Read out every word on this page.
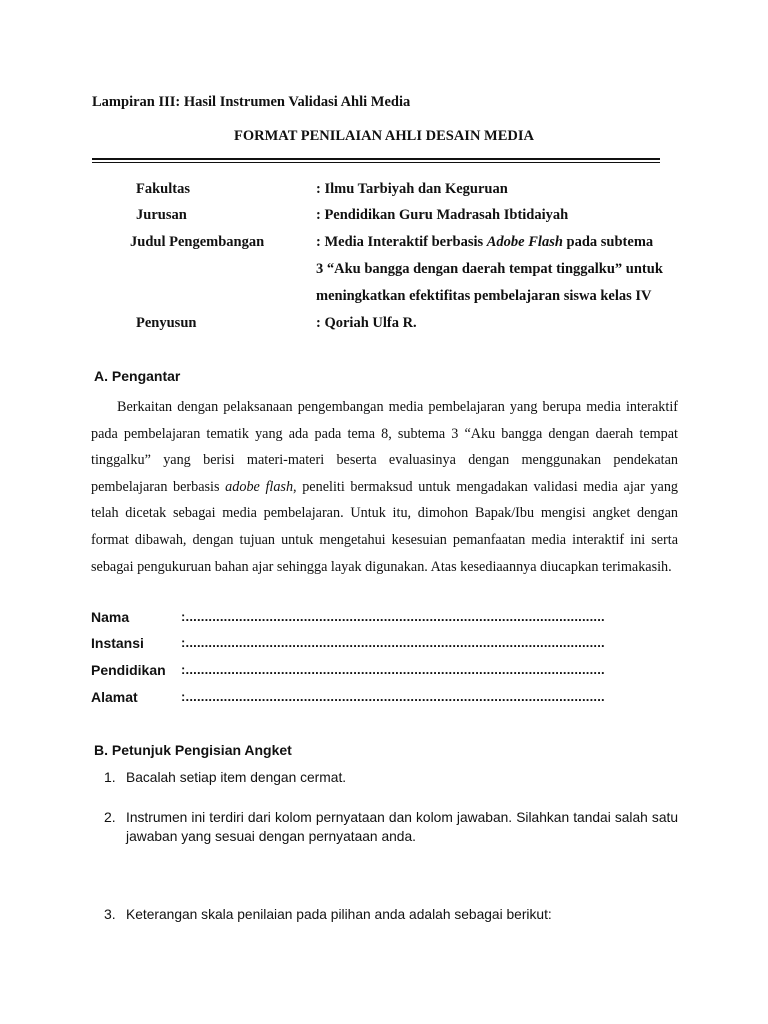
Lampiran III: Hasil Instrumen Validasi Ahli Media
FORMAT PENILAIAN AHLI DESAIN MEDIA
Fakultas	: Ilmu Tarbiyah dan Keguruan
Jurusan	: Pendidikan Guru Madrasah Ibtidaiyah
Judul Pengembangan	: Media Interaktif berbasis Adobe Flash pada subtema
3 “Aku bangga dengan daerah tempat tinggalku” untuk
meningkatkan efektifitas pembelajaran siswa kelas IV
Penyusun	: Qoriah Ulfa R.
A. Pengantar
Berkaitan dengan pelaksanaan pengembangan media pembelajaran yang berupa media interaktif pada pembelajaran tematik yang ada pada tema 8, subtema 3 “Aku bangga dengan daerah tempat tinggalku” yang berisi materi-materi beserta evaluasinya dengan menggunakan pendekatan pembelajaran berbasis adobe flash, peneliti bermaksud untuk mengadakan validasi media ajar yang telah dicetak sebagai media pembelajaran. Untuk itu, dimohon Bapak/Ibu mengisi angket dengan format dibawah, dengan tujuan untuk mengetahui kesesuian pemanfaatan media interaktif ini serta sebagai pengukuruan bahan ajar sehingga layak digunakan. Atas kesediaannya diucapkan terimakasih.
Nama	:..............................................................................................................
Instansi	:..............................................................................................................
Pendidikan :..............................................................................................................
Alamat	:..............................................................................................................
B. Petunjuk Pengisian Angket
1. Bacalah setiap item dengan cermat.
2. Instrumen ini terdiri dari kolom pernyataan dan kolom jawaban. Silahkan tandai salah satu jawaban yang sesuai dengan pernyataan anda.
3. Keterangan skala penilaian pada pilihan anda adalah sebagai berikut:
